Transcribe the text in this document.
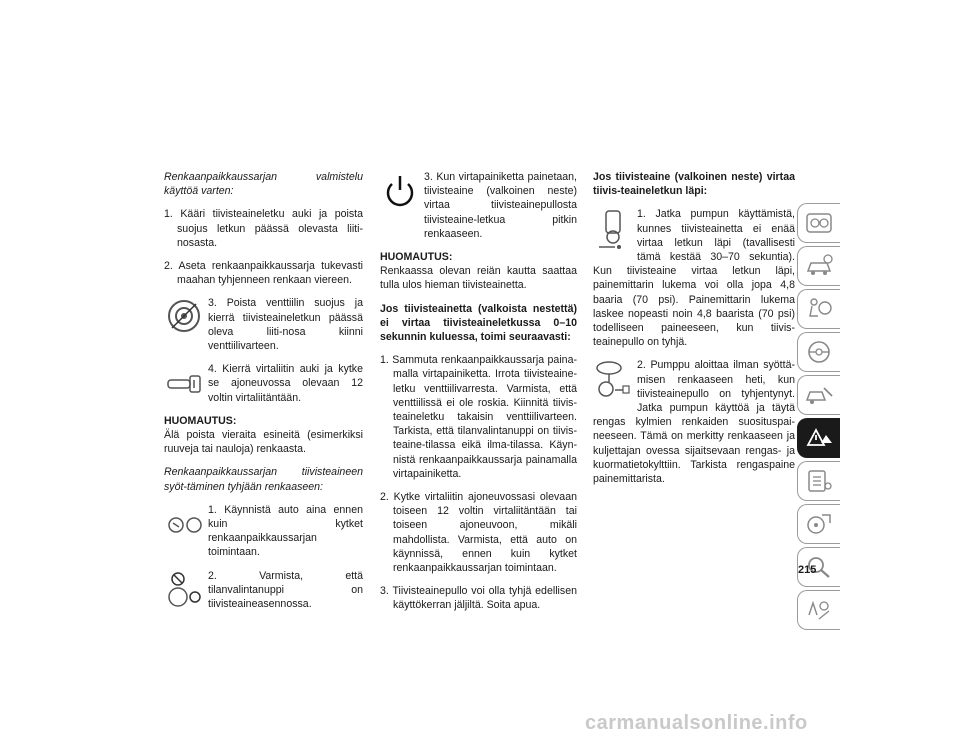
Renkaanpaikkaussarjan valmistelu käyttöä varten:

1. Kääri tiivisteaineletku auki ja poista suojus letkun päässä olevasta liiti-nosasta.

2. Aseta renkaanpaikkaussarja tukevasti maahan tyhjenneen renkaan viereen.

3. Poista venttiilin suojus ja kierrä tiivisteaineletkun päässä oleva liiti-nosa kiinni venttiilivarteen.

4. Kierrä virtaliitin auki ja kytke se ajoneuvossa olevaan 12 voltin virtaliitäntään.

HUOMAUTUS:
Älä poista vieraita esineitä (esimerkiksi ruuveja tai nauloja) renkaasta.

Renkaanpaikkaussarjan tiivisteaineen syöt-täminen tyhjään renkaaseen:

1. Käynnistä auto aina ennen kuin kytket renkaanpaikkaussarjan toimintaan.

2. Varmista, että tilanvalintanuppi on tiivisteaineasennossa.

3. Kun virtapainiketta painetaan, tiivisteaine (valkoinen neste) virtaa tiivisteainepullosta tiivisteaine-letkua pitkin renkaaseen.

HUOMAUTUS:
Renkaassa olevan reiän kautta saattaa tulla ulos hieman tiivisteainetta.

Jos tiivisteainetta (valkoista nestettä) ei virtaa tiivisteaineletkussa 0–10 sekunnin kuluessa, toimi seuraavasti:

1. Sammuta renkaanpaikkaussarja paina-malla virtapainiketta. Irrota tiivisteaine-letku venttiilivarresta. Varmista, että venttiilissä ei ole roskia. Kiinnitä tiivis-teaineletku takaisin venttiilivarteen. Tarkista, että tilanvalintanuppi on tiivis-teaine-tilassa eikä ilma-tilassa. Käyn-nistä renkaanpaikkaussarja painamalla virtapainiketta.

2. Kytke virtaliitin ajoneuvossasi olevaan toiseen 12 voltin virtaliitäntään tai toiseen ajoneuvoon, mikäli mahdollista. Varmista, että auto on käynnissä, ennen kuin kytket renkaanpaikkaussarjan toimintaan.

3. Tiivisteainepullo voi olla tyhjä edellisen käyttökerran jäljiltä. Soita apua.

Jos tiivisteaine (valkoinen neste) virtaa tiivis-teaineletkun läpi:

1. Jatka pumpun käyttämistä, kunnes tiivisteainetta ei enää virtaa letkun läpi (tavallisesti tämä kestää 30–70 sekuntia). Kun tiivisteaine virtaa letkun läpi, painemittarin lukema voi olla jopa 4,8 baaria (70 psi). Painemittarin lukema laskee nopeasti noin 4,8 baarista (70 psi) todelliseen paineeseen, kun tiivis-teainepullo on tyhjä.

2. Pumppu aloittaa ilman syöttä-misen renkaaseen heti, kun tiivisteainepullo on tyhjentynyt. Jatka pumpun käyttöä ja täytä rengas kylmien renkaiden suosituspai-neeseen. Tämä on merkitty renkaaseen ja kuljettajan ovessa sijaitsevaan rengas- ja kuormatietokylttiin. Tarkista rengaspaine painemittarista.

215
carmanualsonline.info
